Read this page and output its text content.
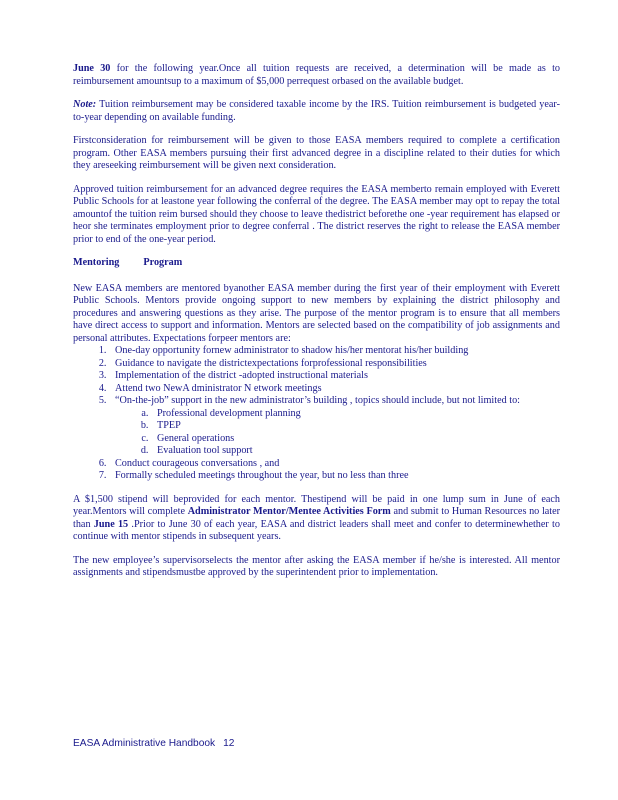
June 30 for the following year.Once all tuition requests are received, a determination will be made as to reimbursement amountsup to a maximum of $5,000 perrequest orbased on the available budget.

Note: Tuition reimbursement may be considered taxable income by the IRS. Tuition reimbursement is budgeted year-to-year depending on available funding.

Firstconsideration for reimbursement will be given to those EASA members required to complete a certification program. Other EASA members pursuing their first advanced degree in a discipline related to their duties for which they areseeking reimbursement will be given next consideration.

Approved tuition reimbursement for an advanced degree requires the EASA memberto remain employed with Everett Public Schools for at leastone year following the conferral of the degree. The EASA member may opt to repay the total amountof the tuition reim bursed should they choose to leave thedistrict beforethe one -year requirement has elapsed or heor she terminates employment prior to degree conferral . The district reserves the right to release the EASA member prior to end of the one-year period.

Mentoring Program

New EASA members are mentored byanother EASA member during the first year of their employment with Everett Public Schools. Mentors provide ongoing support to new members by explaining the district philosophy and procedures and answering questions as they arise. The purpose of the mentor program is to ensure that all members have direct access to support and information. Mentors are selected based on the compatibility of job assignments and personal attributes. Expectations forpeer mentors are:

1. One-day opportunity fornew administrator to shadow his/her mentorat his/her building
2. Guidance to navigate the districtexpectations forprofessional responsibilities
3. Implementation of the district -adopted instructional materials
4. Attend two NewA dministrator N etwork meetings
5. “On-the-job” support in the new administrator’s building , topics should include, but not limited to:
a. Professional development planning
b. TPEP
c. General operations
d. Evaluation tool support
6. Conduct courageous conversations , and
7. Formally scheduled meetings throughout the year, but no less than three

A $1,500 stipend will beprovided for each mentor. Thestipend will be paid in one lump sum in June of each year.Mentors will complete Administrator Mentor/Mentee Activities Form and submit to Human Resources no later than June 15 .Prior to June 30 of each year, EASA and district leaders shall meet and confer to determinewhether to continue with mentor stipends in subsequent years.

The new employee’s supervisorselects the mentor after asking the EASA member if he/she is interested. All mentor assignments and stipendsmustbe approved by the superintendent prior to implementation.

EASA Administrative Handbook 12
